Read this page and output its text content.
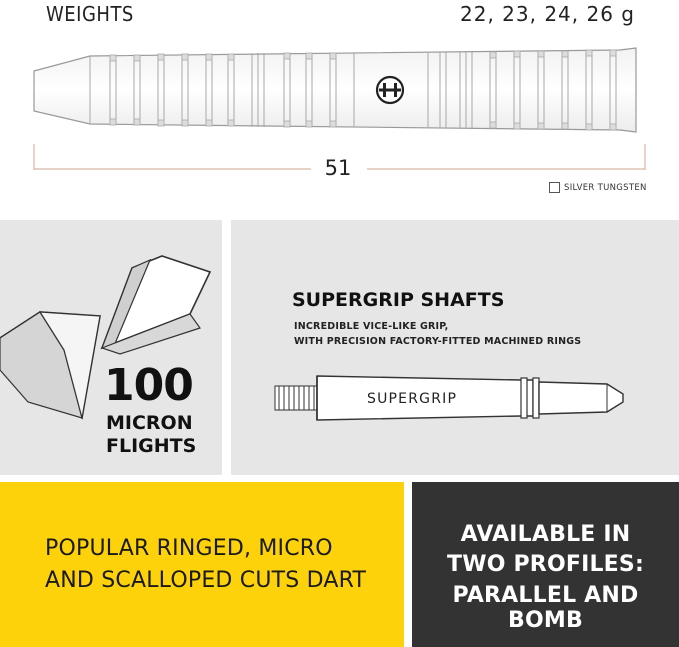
WEIGHTS	22, 23, 24, 26 g
51
SILVER TUNGSTEN
100
MICRON
FLIGHTS
SUPERGRIP SHAFTS
INCREDIBLE VICE-LIKE GRIP,
WITH PRECISION FACTORY-FITTED MACHINED RINGS
SUPERGRIP
POPULAR RINGED, MICRO
AND SCALLOPED CUTS DART
AVAILABLE IN
TWO PROFILES:
PARALLEL AND BOMB
